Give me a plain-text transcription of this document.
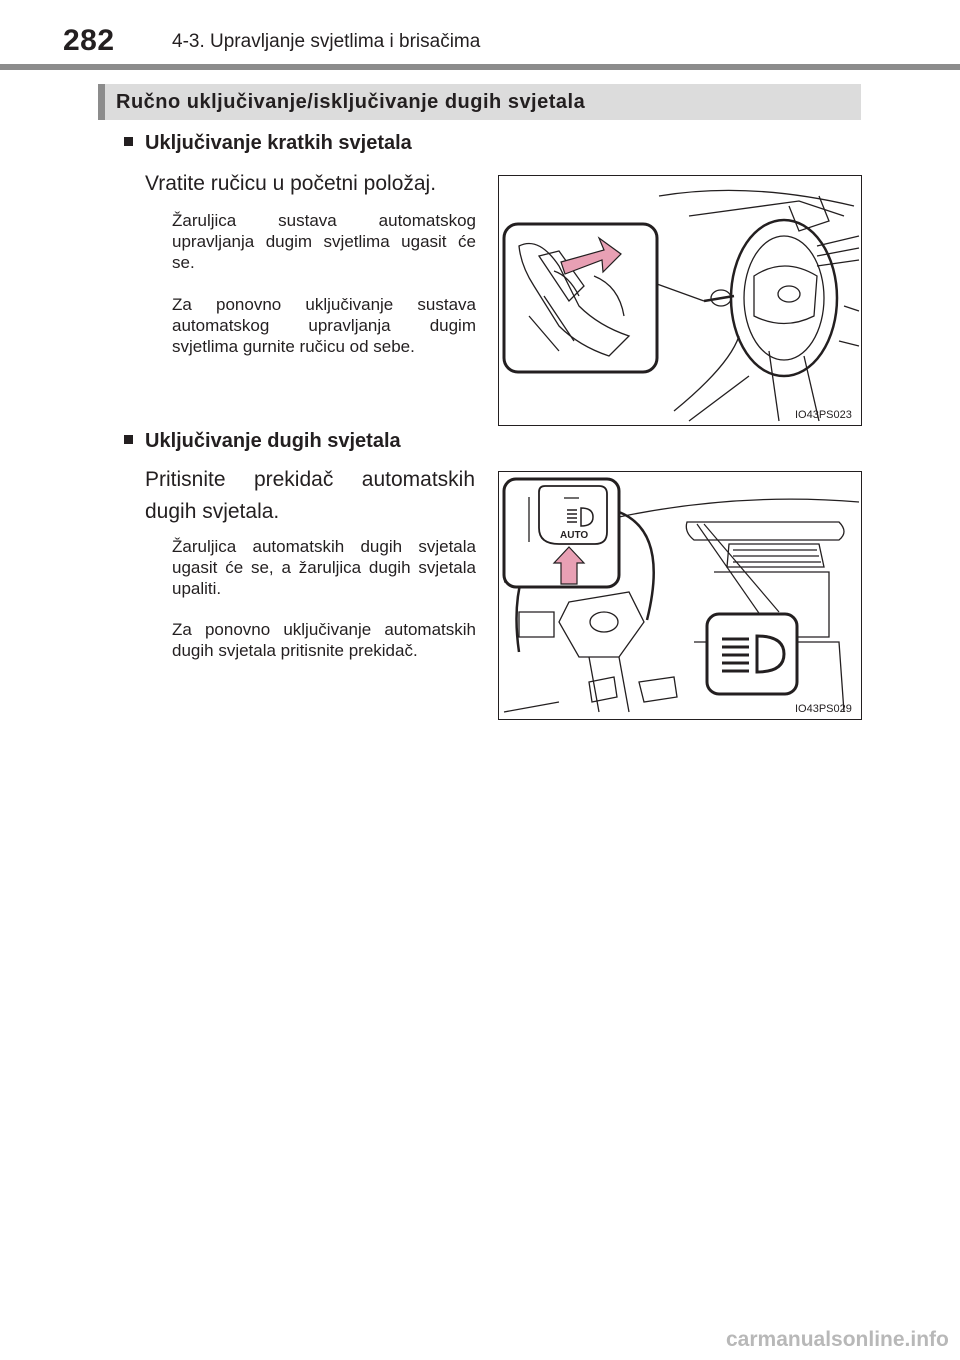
282	4-3. Upravljanje svjetlima i brisačima
Ručno uključivanje/isključivanje dugih svjetala
Uključivanje kratkih svjetala
Vratite ručicu u početni položaj.
Žaruljica sustava automatskog upravljanja dugim svjetlima ugasit će se.
Za ponovno uključivanje sustava automatskog upravljanja dugim svjetlima gurnite ručicu od sebe.
IO43PS023
Uključivanje dugih svjetala
Pritisnite prekidač automatskih dugih svjetala.
Žaruljica automatskih dugih svjetala ugasit će se, a žaruljica dugih svjetala upaliti.
Za ponovno uključivanje automatskih dugih svjetala pritisnite prekidač.
AUTO
IO43PS029
carmanualsonline.info
